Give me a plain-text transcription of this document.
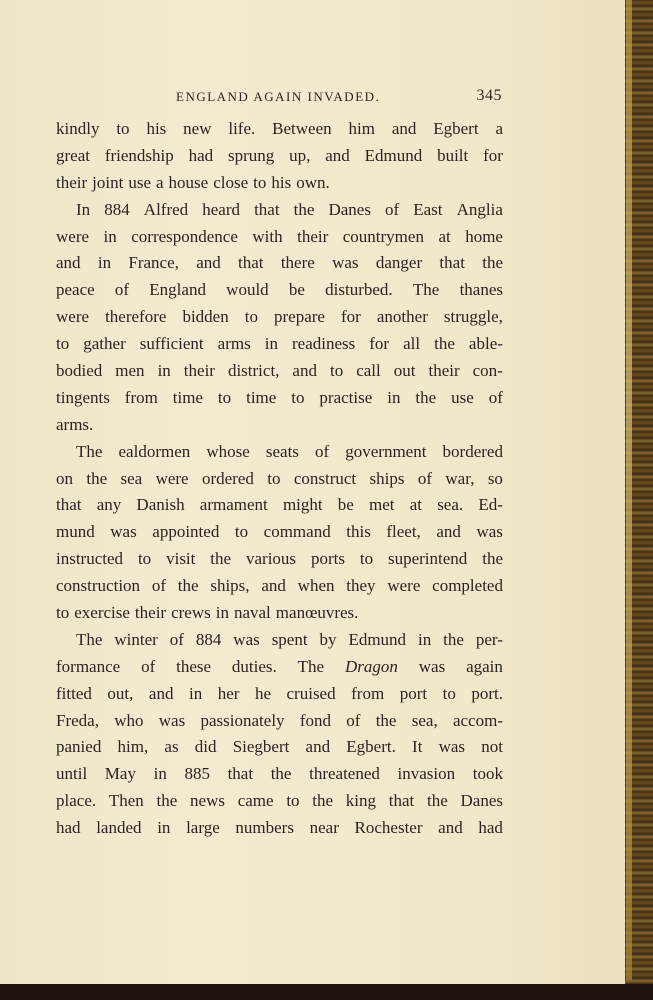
ENGLAND AGAIN INVADED.	345
kindly to his new life. Between him and Egbert a
great friendship had sprung up, and Edmund built for
their joint use a house close to his own.
In 884 Alfred heard that the Danes of East Anglia
were in correspondence with their countrymen at home
and in France, and that there was danger that the
peace of England would be disturbed. The thanes
were therefore bidden to prepare for another struggle,
to gather sufficient arms in readiness for all the able-
bodied men in their district, and to call out their con-
tingents from time to time to practise in the use of
arms.
The ealdormen whose seats of government bordered
on the sea were ordered to construct ships of war, so
that any Danish armament might be met at sea. Ed-
mund was appointed to command this fleet, and was
instructed to visit the various ports to superintend the
construction of the ships, and when they were completed
to exercise their crews in naval manœuvres.
The winter of 884 was spent by Edmund in the per-
formance of these duties. The Dragon was again
fitted out, and in her he cruised from port to port.
Freda, who was passionately fond of the sea, accom-
panied him, as did Siegbert and Egbert. It was not
until May in 885 that the threatened invasion took
place. Then the news came to the king that the Danes
had landed in large numbers near Rochester and had
